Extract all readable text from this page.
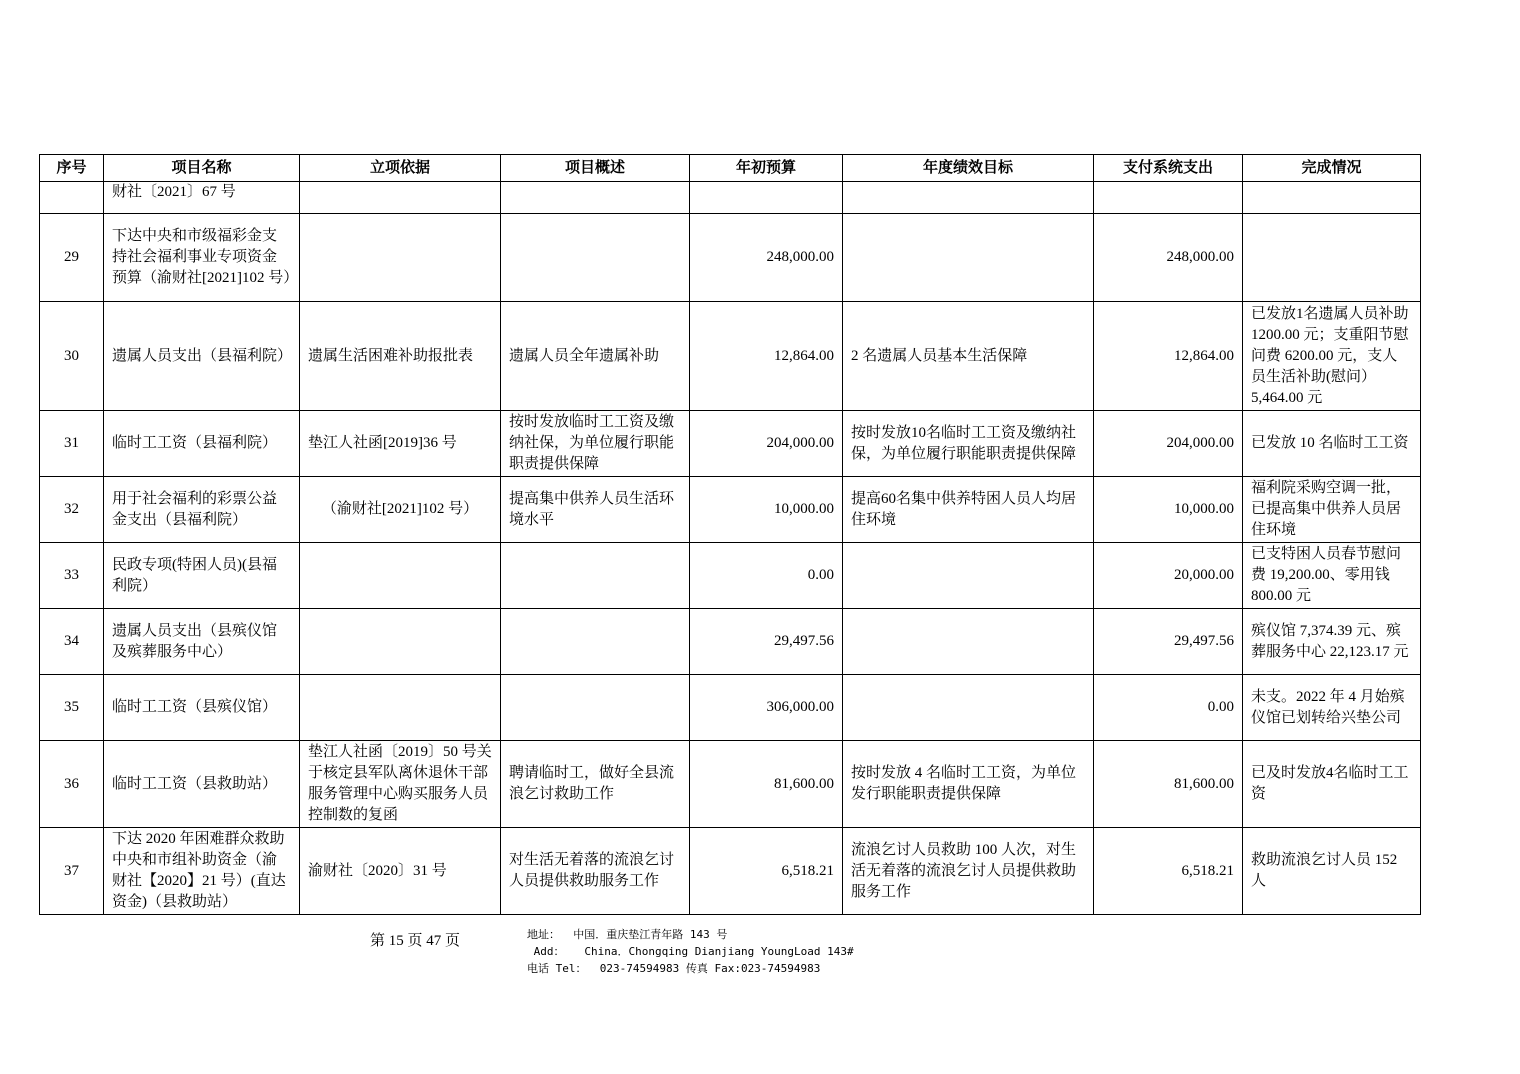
序号	项目名称	立项依据	项目概述	年初预算	年度绩效目标	支付系统支出	完成情况
	财社〔2021〕67 号						
29	下达中央和市级福彩金支持社会福利事业专项资金预算（渝财社[2021]102 号）			248,000.00		248,000.00	
30	遗属人员支出（县福利院）	遗属生活困难补助报批表	遗属人员全年遗属补助	12,864.00	2 名遗属人员基本生活保障	12,864.00	已发放1名遗属人员补助 1200.00 元；支重阳节慰问费 6200.00 元，支人员生活补助(慰问）5,464.00 元
31	临时工工资（县福利院）	垫江人社函[2019]36 号	按时发放临时工工资及缴纳社保，为单位履行职能职责提供保障	204,000.00	按时发放10名临时工工资及缴纳社保，为单位履行职能职责提供保障	204,000.00	已发放 10 名临时工工资
32	用于社会福利的彩票公益金支出（县福利院）	（渝财社[2021]102 号）	提高集中供养人员生活环境水平	10,000.00	提高60名集中供养特困人员人均居住环境	10,000.00	福利院采购空调一批，已提高集中供养人员居住环境
33	民政专项(特困人员)(县福利院）			0.00		20,000.00	已支特困人员春节慰问费 19,200.00、零用钱 800.00 元
34	遗属人员支出（县殡仪馆及殡葬服务中心）			29,497.56		29,497.56	殡仪馆 7,374.39 元、殡葬服务中心 22,123.17 元
35	临时工工资（县殡仪馆）			306,000.00		0.00	未支。2022 年 4 月始殡仪馆已划转给兴垫公司
36	临时工工资（县救助站）	垫江人社函〔2019〕50 号关于核定县军队离休退休干部服务管理中心购买服务人员控制数的复函	聘请临时工，做好全县流浪乞讨救助工作	81,600.00	按时发放 4 名临时工工资，为单位发行职能职责提供保障	81,600.00	已及时发放4名临时工工资
37	下达 2020 年困难群众救助中央和市组补助资金（渝财社【2020】21 号）(直达资金)（县救助站）	渝财社〔2020〕31 号	对生活无着落的流浪乞讨人员提供救助服务工作	6,518.21	流浪乞讨人员救助 100 人次，对生活无着落的流浪乞讨人员提供救助服务工作	6,518.21	救助流浪乞讨人员 152 人
第 15 页 47 页	地址：  中国．重庆垫江青年路 143 号
Add：   China．Chongqing Dianjiang YoungLoad 143#
电话 Tel：  023-74594983 传真 Fax:023-74594983
